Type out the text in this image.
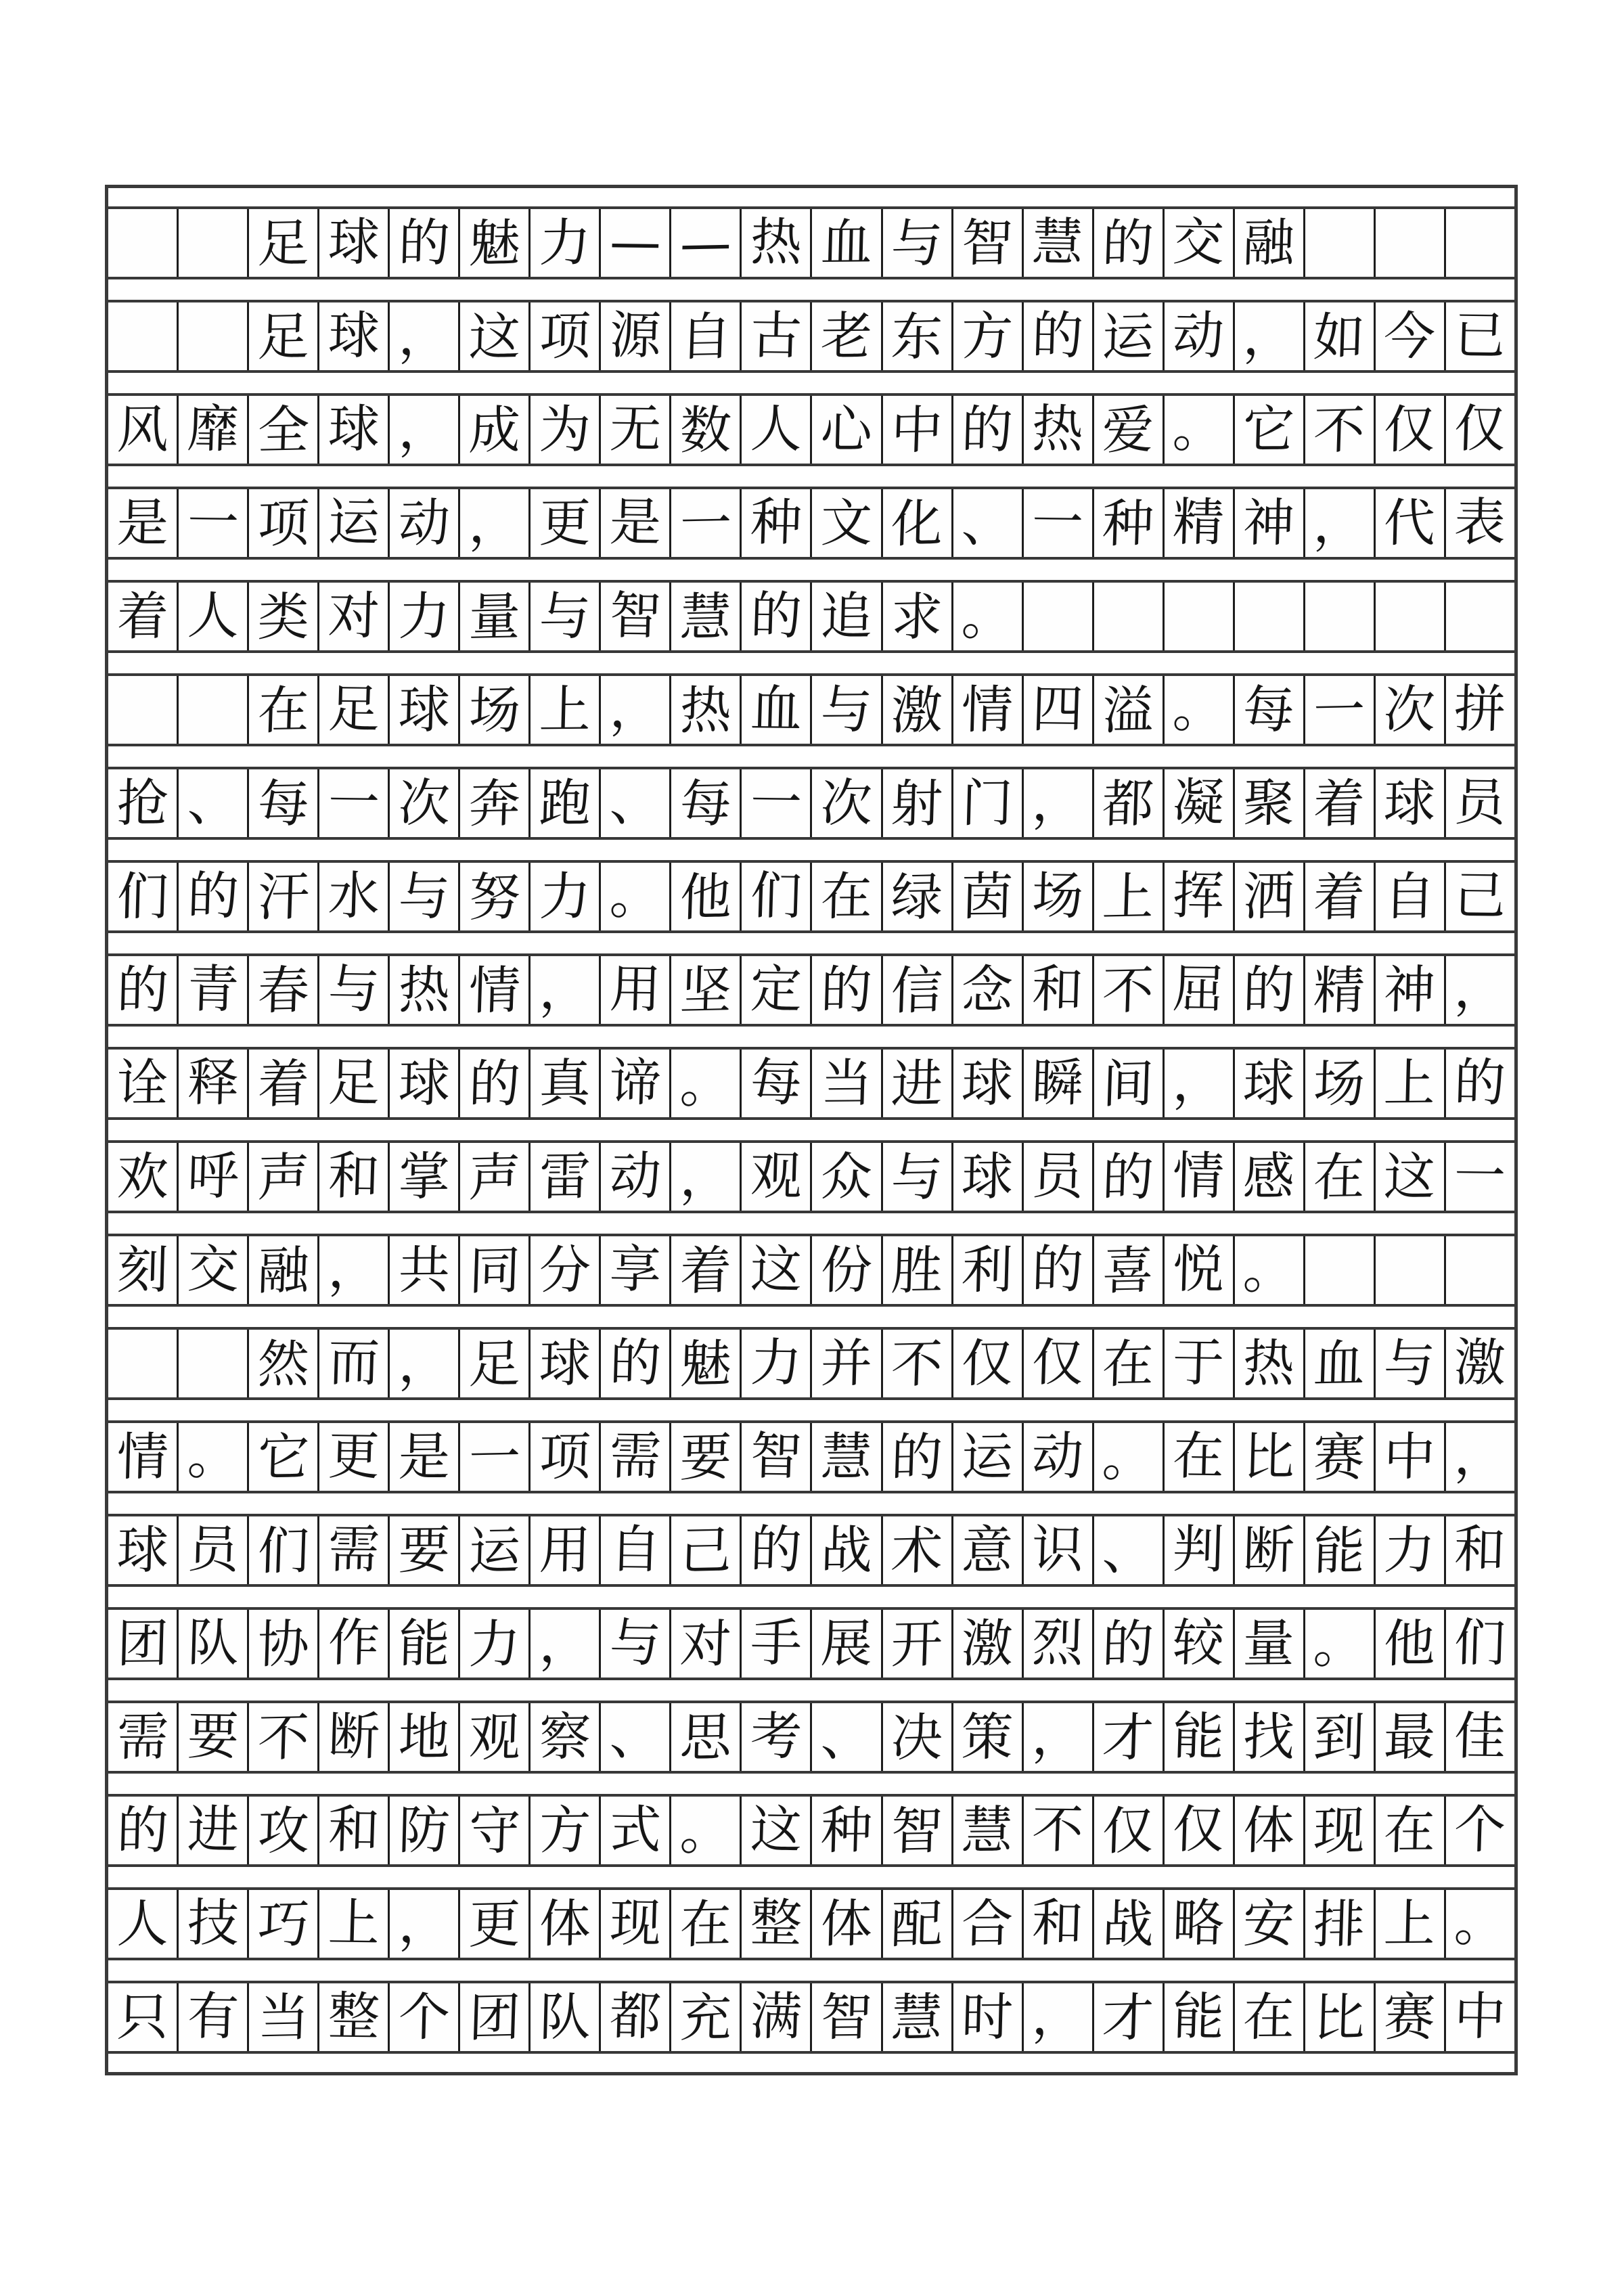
足 球 的 魅 力 — — 热 血 与 智 慧 的 交 融
足 球 ， 这 项 源 自 古 老 东 方 的 运 动 ， 如 今 已
风 靡 全 球 ， 成 为 无 数 人 心 中 的 热 爱 。 它 不 仅 仅
是 一 项 运 动 ， 更 是 一 种 文 化 、 一 种 精 神 ， 代 表
着 人 类 对 力 量 与 智 慧 的 追 求 。
在 足 球 场 上 ， 热 血 与 激 情 四 溢 。 每 一 次 拼
抢 、 每 一 次 奔 跑 、 每 一 次 射 门 ， 都 凝 聚 着 球 员
们 的 汗 水 与 努 力 。 他 们 在 绿 茵 场 上 挥 洒 着 自 己
的 青 春 与 热 情 ， 用 坚 定 的 信 念 和 不 屈 的 精 神 ，
诠 释 着 足 球 的 真 谛 。 每 当 进 球 瞬 间 ， 球 场 上 的
欢 呼 声 和 掌 声 雷 动 ， 观 众 与 球 员 的 情 感 在 这 一
刻 交 融 ， 共 同 分 享 着 这 份 胜 利 的 喜 悦 。
然 而 ， 足 球 的 魅 力 并 不 仅 仅 在 于 热 血 与 激
情 。 它 更 是 一 项 需 要 智 慧 的 运 动 。 在 比 赛 中 ，
球 员 们 需 要 运 用 自 己 的 战 术 意 识 、 判 断 能 力 和
团 队 协 作 能 力 ， 与 对 手 展 开 激 烈 的 较 量 。 他 们
需 要 不 断 地 观 察 、 思 考 、 决 策 ， 才 能 找 到 最 佳
的 进 攻 和 防 守 方 式 。 这 种 智 慧 不 仅 仅 体 现 在 个
人 技 巧 上 ， 更 体 现 在 整 体 配 合 和 战 略 安 排 上 。
只 有 当 整 个 团 队 都 充 满 智 慧 时 ， 才 能 在 比 赛 中
